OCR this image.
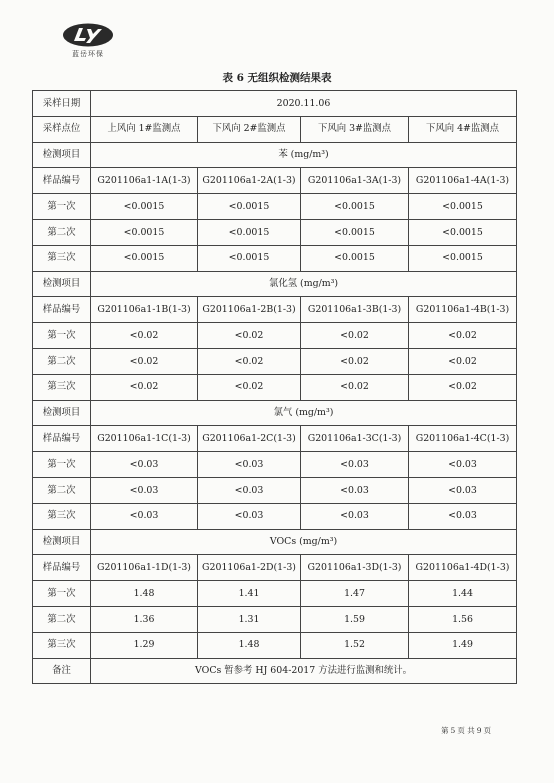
蓝岳环保
表 6 无组织检测结果表
采样日期	2020.11.06			
采样点位	上风向 1#监测点	下风向 2#监测点	下风向 3#监测点	下风向 4#监测点
检测项目	苯 (mg/m³)			
样品编号	G201106a1-1A(1-3)	G201106a1-2A(1-3)	G201106a1-3A(1-3)	G201106a1-4A(1-3)
第一次	<0.0015	<0.0015	<0.0015	<0.0015
第二次	<0.0015	<0.0015	<0.0015	<0.0015
第三次	<0.0015	<0.0015	<0.0015	<0.0015
检测项目	氯化氢 (mg/m³)			
样品编号	G201106a1-1B(1-3)	G201106a1-2B(1-3)	G201106a1-3B(1-3)	G201106a1-4B(1-3)
第一次	<0.02	<0.02	<0.02	<0.02
第二次	<0.02	<0.02	<0.02	<0.02
第三次	<0.02	<0.02	<0.02	<0.02
检测项目	氯气 (mg/m³)			
样品编号	G201106a1-1C(1-3)	G201106a1-2C(1-3)	G201106a1-3C(1-3)	G201106a1-4C(1-3)
第一次	<0.03	<0.03	<0.03	<0.03
第二次	<0.03	<0.03	<0.03	<0.03
第三次	<0.03	<0.03	<0.03	<0.03
检测项目	VOCs (mg/m³)			
样品编号	G201106a1-1D(1-3)	G201106a1-2D(1-3)	G201106a1-3D(1-3)	G201106a1-4D(1-3)
第一次	1.48	1.41	1.47	1.44
第二次	1.36	1.31	1.59	1.56
第三次	1.29	1.48	1.52	1.49
备注	VOCs 暂参考 HJ 604-2017 方法进行监测和统计。			
第 5 页 共 9 页
